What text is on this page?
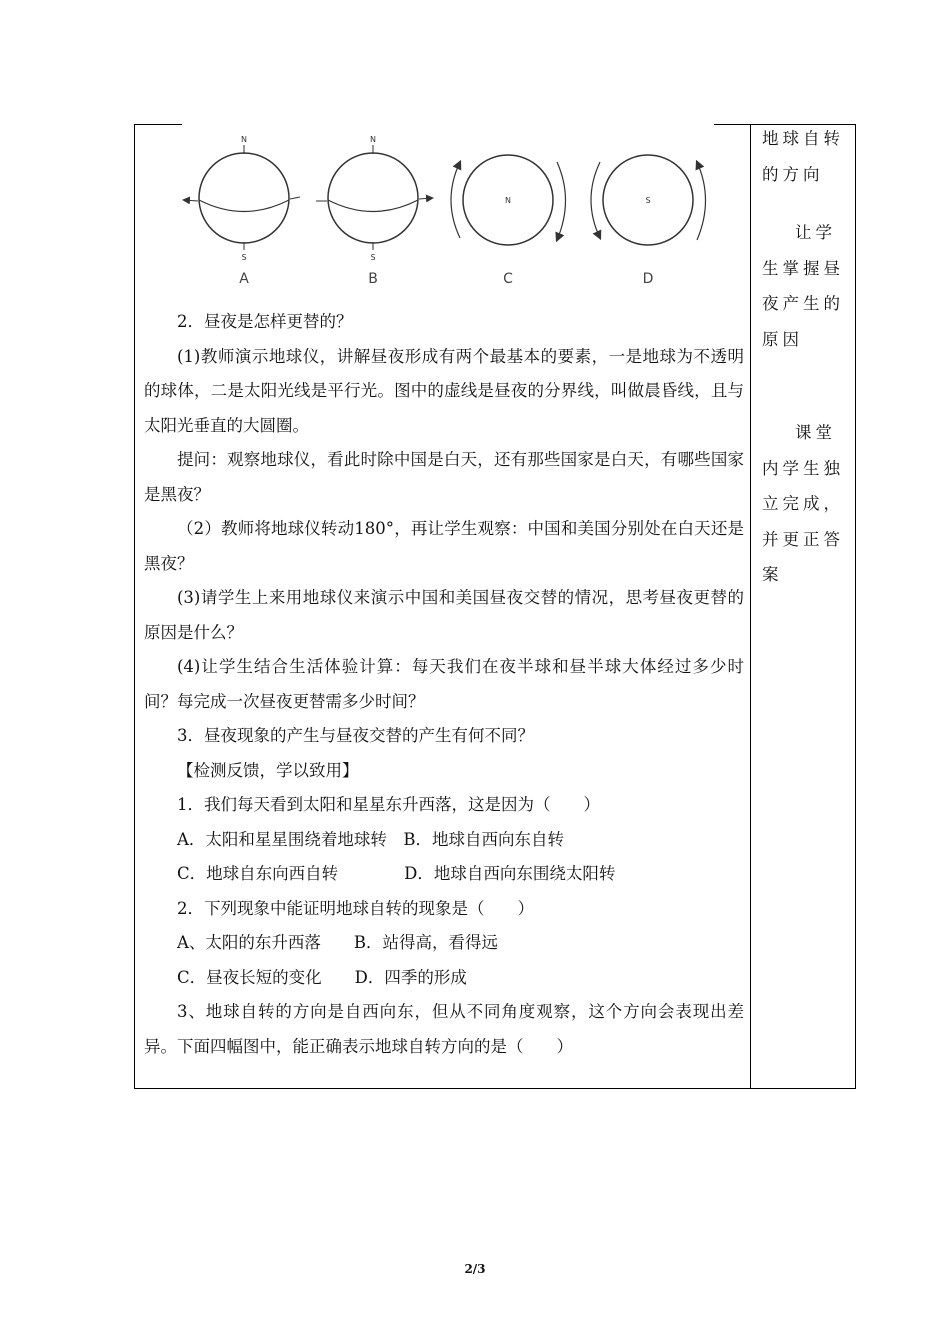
N
S
A
N
S
B
N
C
S
D

2．昼夜是怎样更替的？

(1)教师演示地球仪，讲解昼夜形成有两个最基本的要素，一是地球为不透明的球体，二是太阳光线是平行光。图中的虚线是昼夜的分界线，叫做晨昏线，且与太阳光垂直的大圆圈。

提问：观察地球仪，看此时除中国是白天，还有那些国家是白天，有哪些国家是黑夜？

（2）教师将地球仪转动180°，再让学生观察：中国和美国分别处在白天还是黑夜？

(3)请学生上来用地球仪来演示中国和美国昼夜交替的情况，思考昼夜更替的原因是什么？

(4)让学生结合生活体验计算：每天我们在夜半球和昼半球大体经过多少时间？每完成一次昼夜更替需多少时间？

3．昼夜现象的产生与昼夜交替的产生有何不同？

【检测反馈，学以致用】

1．我们每天看到太阳和星星东升西落，这是因为（　　）

A．太阳和星星围绕着地球转　B．地球自西向东自转

C．地球自东向西自转　　　　D．地球自西向东围绕太阳转

2．下列现象中能证明地球自转的现象是（　　）

A、太阳的东升西落　　B．站得高，看得远

C．昼夜长短的变化　　D．四季的形成

3、地球自转的方向是自西向东，但从不同角度观察，这个方向会表现出差异。下面四幅图中，能正确表示地球自转方向的是（　　）

地球自转的方向
让学生掌握昼夜产生的原因
课堂内学生独立完成，并更正答案
2/3
